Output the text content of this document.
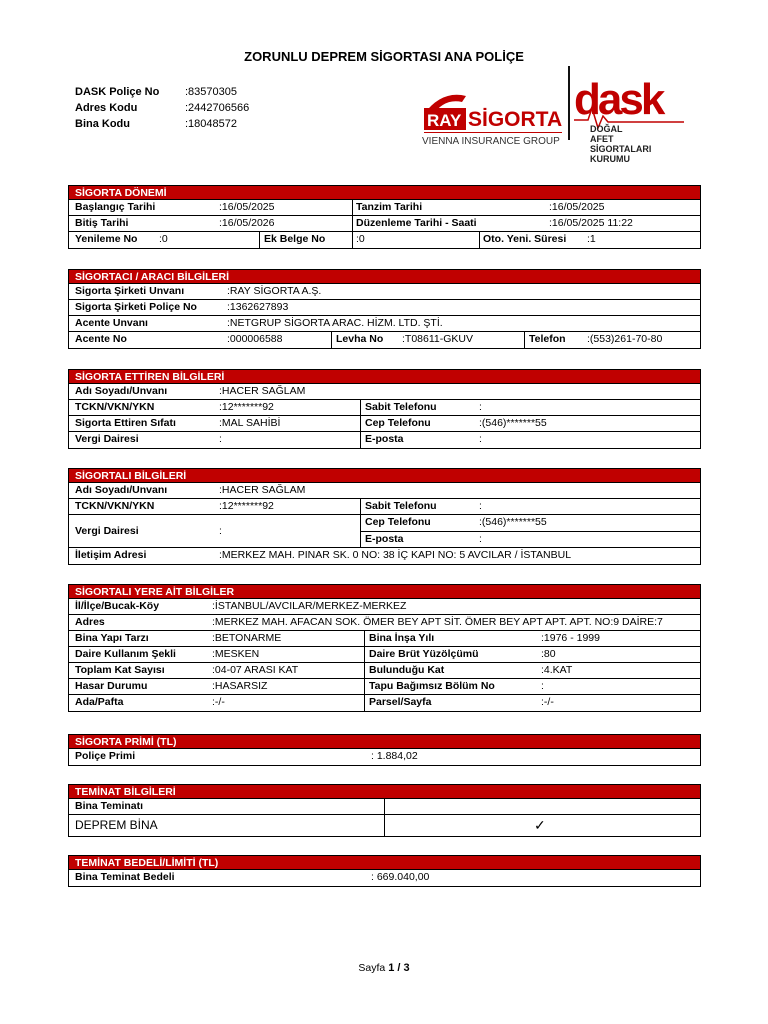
ZORUNLU DEPREM SİGORTASI ANA POLİÇE
DASK Poliçe No	:83570305
Adres Kodu	:2442706566
Bina Kodu	:18048572	RAY SİGORTA
VIENNA INSURANCE GROUP
dask
DOĞAL
AFET
SİGORTALARI
KURUMU
SİGORTA DÖNEMİ
Başlangıç Tarihi	:16/05/2025	Tanzim Tarihi	:16/05/2025
Bitiş Tarihi	:16/05/2026	Düzenleme Tarihi - Saati	:16/05/2025 11:22
Yenileme No :0	Ek Belge No	:0	Oto. Yeni. Süresi :1
SİGORTACI / ARACI BİLGİLERİ
Sigorta Şirketi Unvanı	:RAY SİGORTA A.Ş.
Sigorta Şirketi Poliçe No	:1362627893
Acente Unvanı	:NETGRUP SİGORTA ARAC. HİZM. LTD. ŞTİ.
Acente No	:000006588	Levha No :T08611-GKUV	Telefon :(553)261-70-80
SİGORTA ETTİREN BİLGİLERİ
Adı Soyadı/Unvanı	:HACER SAĞLAM
TCKN/VKN/YKN	:12*******92	Sabit Telefonu	:
Sigorta Ettiren Sıfatı	:MAL SAHİBİ	Cep Telefonu	:(546)*******55
Vergi Dairesi	:	E-posta	:
SİGORTALI BİLGİLERİ
Adı Soyadı/Unvanı	:HACER SAĞLAM
TCKN/VKN/YKN	:12*******92	Sabit Telefonu	:
Vergi Dairesi	:
Cep Telefonu	:(546)*******55
E-posta	:
İletişim Adresi	:MERKEZ MAH. PINAR SK. 0 NO: 38 İÇ KAPI NO: 5 AVCILAR / İSTANBUL
SİGORTALI YERE AİT BİLGİLER
İl/İlçe/Bucak-Köy	:İSTANBUL/AVCILAR/MERKEZ-MERKEZ
Adres	:MERKEZ MAH. AFACAN SOK. ÖMER BEY APT SİT. ÖMER BEY APT APT. APT. NO:9 DAİRE:7
Bina Yapı Tarzı	:BETONARME	Bina İnşa Yılı	:1976 - 1999
Daire Kullanım Şekli	:MESKEN	Daire Brüt Yüzölçümü	:80
Toplam Kat Sayısı	:04-07 ARASI KAT	Bulunduğu Kat	:4.KAT
Hasar Durumu	:HASARSIZ	Tapu Bağımsız Bölüm No	:
Ada/Pafta	:-/-	Parsel/Sayfa	:-/-
SİGORTA PRİMİ (TL)
Poliçe Primi	: 1.884,02
TEMİNAT BİLGİLERİ
Bina Teminatı
DEPREM BİNA	✓
TEMİNAT BEDELİ/LİMİTİ (TL)
Bina Teminat Bedeli	: 669.040,00
Sayfa 1 / 3
